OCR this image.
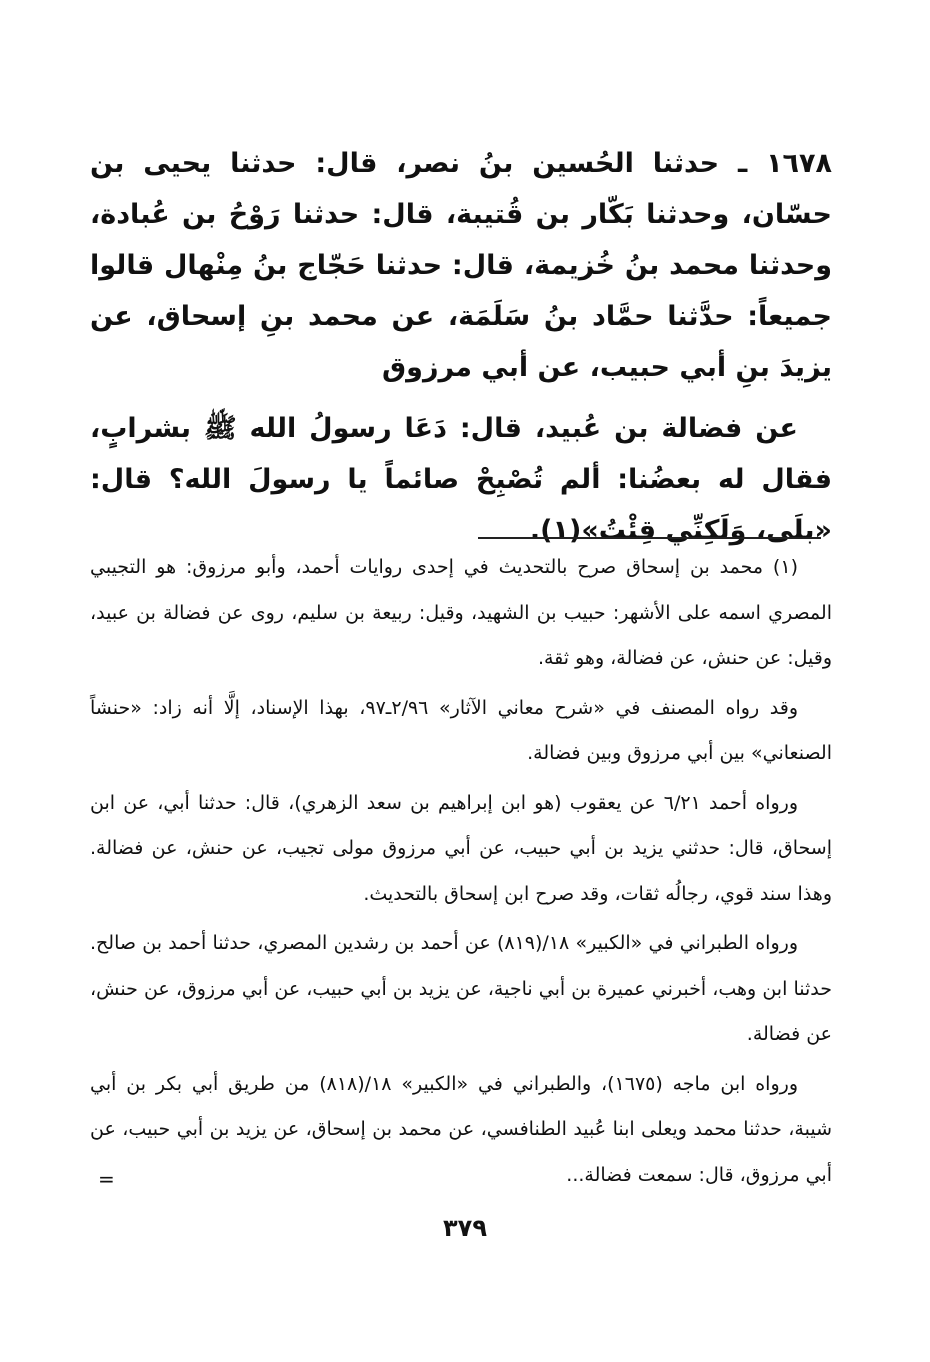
١٦٧٨ ـ حدثنا الحُسين بنُ نصر، قال: حدثنا يحيى بن حسّان، وحدثنا بَكّار بن قُتيبة، قال: حدثنا رَوْحُ بن عُبادة، وحدثنا محمد بنُ خُزيمة، قال: حدثنا حَجّاج بنُ مِنْهال قالوا جميعاً: حدَّثنا حمَّاد بنُ سَلَمَة، عن محمد بنِ إسحاق، عن يزيدَ بنِ أبي حبيب، عن أبي مرزوق
عن فضالة بن عُبيد، قال: دَعَا رسولُ الله ﷺ بشرابٍ، فقال له بعضُنا: ألم تُصْبِحْ صائماً يا رسولَ الله؟ قال: «بلَى، وَلَكِنِّي قِئْتُ»(١).

(١) محمد بن إسحاق صرح بالتحديث في إحدى روايات أحمد، وأبو مرزوق: هو التجيبي المصري اسمه على الأشهر: حبيب بن الشهيد، وقيل: ربيعة بن سليم، روى عن فضالة بن عبيد، وقيل: عن حنش، عن فضالة، وهو ثقة.

وقد رواه المصنف في «شرح معاني الآثار» ٢/٩٦ـ٩٧، بهذا الإسناد، إلَّا أنه زاد: «حنشاً الصنعاني» بين أبي مرزوق وبين فضالة.

ورواه أحمد ٦/٢١ عن يعقوب (هو ابن إبراهيم بن سعد الزهري)، قال: حدثنا أبي، عن ابن إسحاق، قال: حدثني يزيد بن أبي حبيب، عن أبي مرزوق مولى تجيب، عن حنش، عن فضالة. وهذا سند قوي، رجالُه ثقات، وقد صرح ابن إسحاق بالتحديث.

ورواه الطبراني في «الكبير» ١٨/(٨١٩) عن أحمد بن رشدين المصري، حدثنا أحمد بن صالح. حدثنا ابن وهب، أخبرني عميرة بن أبي ناجية، عن يزيد بن أبي حبيب، عن أبي مرزوق، عن حنش، عن فضالة.

ورواه ابن ماجه (١٦٧٥)، والطبراني في «الكبير» ١٨/(٨١٨) من طريق أبي بكر بن أبي شيبة، حدثنا محمد ويعلى ابنا عُبيد الطنافسي، عن محمد بن إسحاق، عن يزيد بن أبي حبيب، عن أبي مرزوق، قال: سمعت فضالة...

=
٣٧٩
